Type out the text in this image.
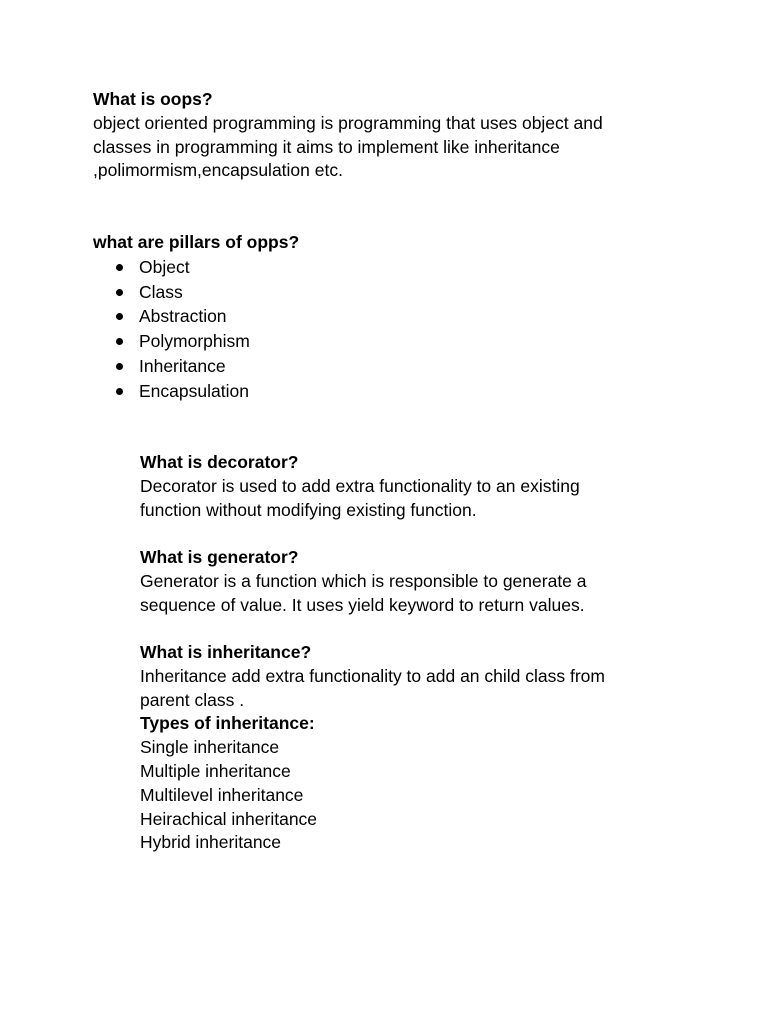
What is oops?
object oriented programming is programming that uses object and
classes in programming it aims to implement like inheritance
,polimormism,encapsulation etc.
what are pillars of opps?
Object
Class
Abstraction
Polymorphism
Inheritance
Encapsulation
What is decorator?
Decorator is used to add extra functionality to an existing
function without modifying existing function.
What is generator?
Generator is a function which is responsible to generate a
sequence of value. It uses yield keyword to return values.
What is inheritance?
Inheritance add extra functionality to add an child class from
parent class .
Types of inheritance:
Single inheritance
Multiple inheritance
Multilevel inheritance
Heirachical inheritance
Hybrid inheritance
